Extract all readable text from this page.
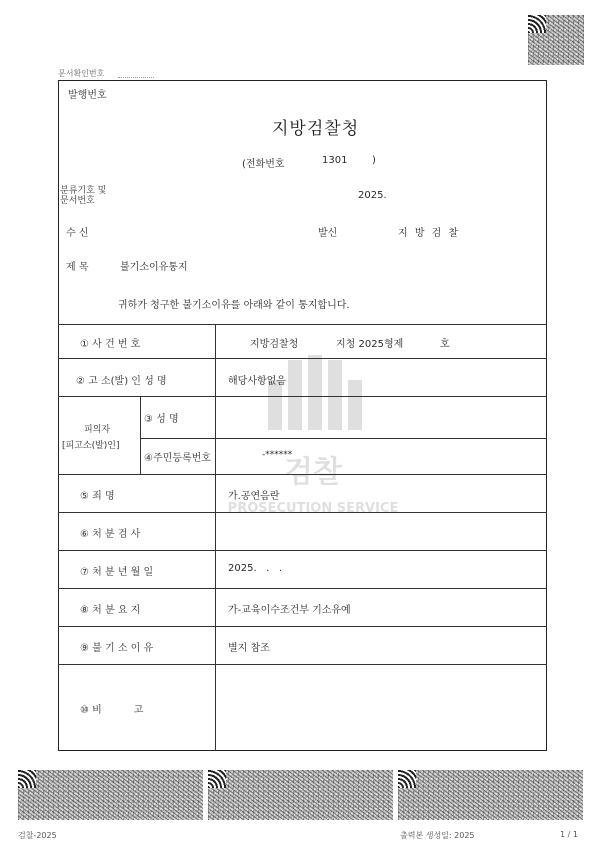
문서확인번호
검찰
PROSECUTION SERVICE
발행번호
지방검찰청
(전화번호	1301 )
분류기호 및
문서번호	2025.
수 신	발신	지 방 검 찰
제 목	불기소이유통지
귀하가 청구한 불기소이유를 아래와 같이 통지합니다.
① 사 건 번 호	지방검찰청	지청 2025형제	호
② 고 소(발) 인 성 명	해당사항없음
피의자
[피고소(발)인]
③ 성 명
④주민등록번호	-******
⑤ 죄 명	가.공연음란
⑥ 처 분 검 사
⑦ 처 분 년 월 일	2025.   .   .
⑧ 처 분 요 지	가-교육이수조건부 기소유예
⑨ 불 기 소 이 유	별지 참조
⑩ 비          고
검찰-2025	출력본 생성일: 2025	1 / 1
